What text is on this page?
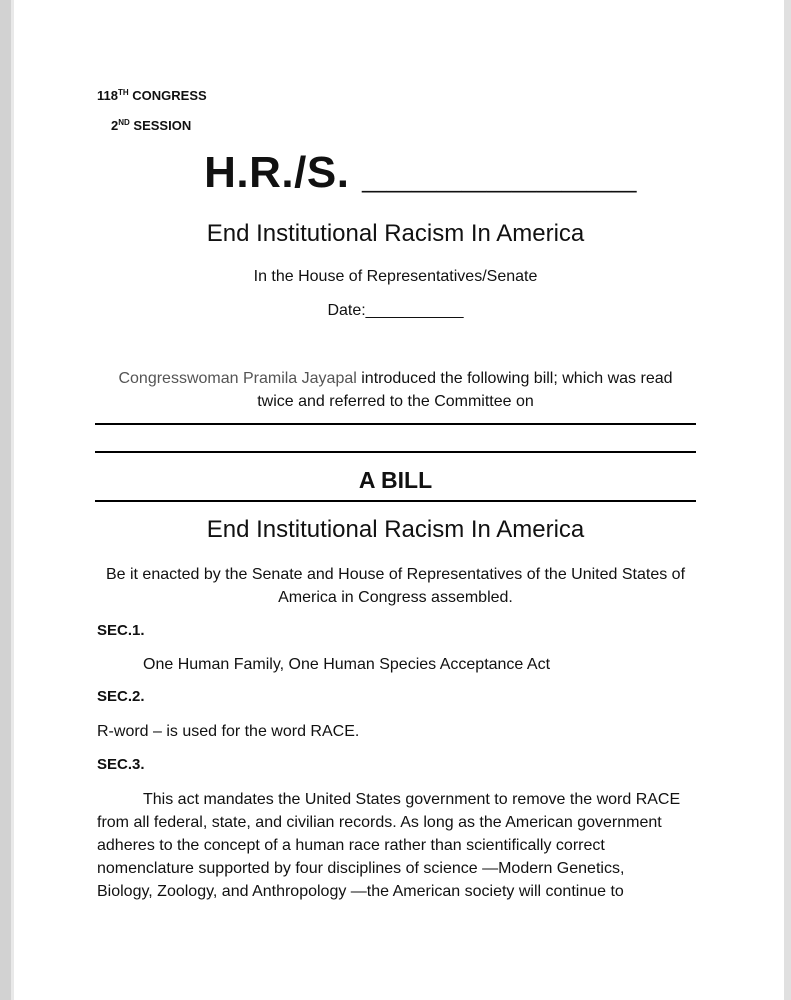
118TH CONGRESS
2ND SESSION
H.R./S. ___________
End Institutional Racism In America
In the House of Representatives/Senate
Date:___________
Congresswoman Pramila Jayapal introduced the following bill; which was read
twice and referred to the Committee on
A BILL
End Institutional Racism In America
Be it enacted by the Senate and House of Representatives of the United States of
America in Congress assembled.
SEC.1.
One Human Family, One Human Species Acceptance Act
SEC.2.
R-word – is used for the word RACE.
SEC.3.
This act mandates the United States government to remove the word RACE
from all federal, state, and civilian records. As long as the American government
adheres to the concept of a human race rather than scientifically correct
nomenclature supported by four disciplines of science —Modern Genetics,
Biology, Zoology, and Anthropology —the American society will continue to
